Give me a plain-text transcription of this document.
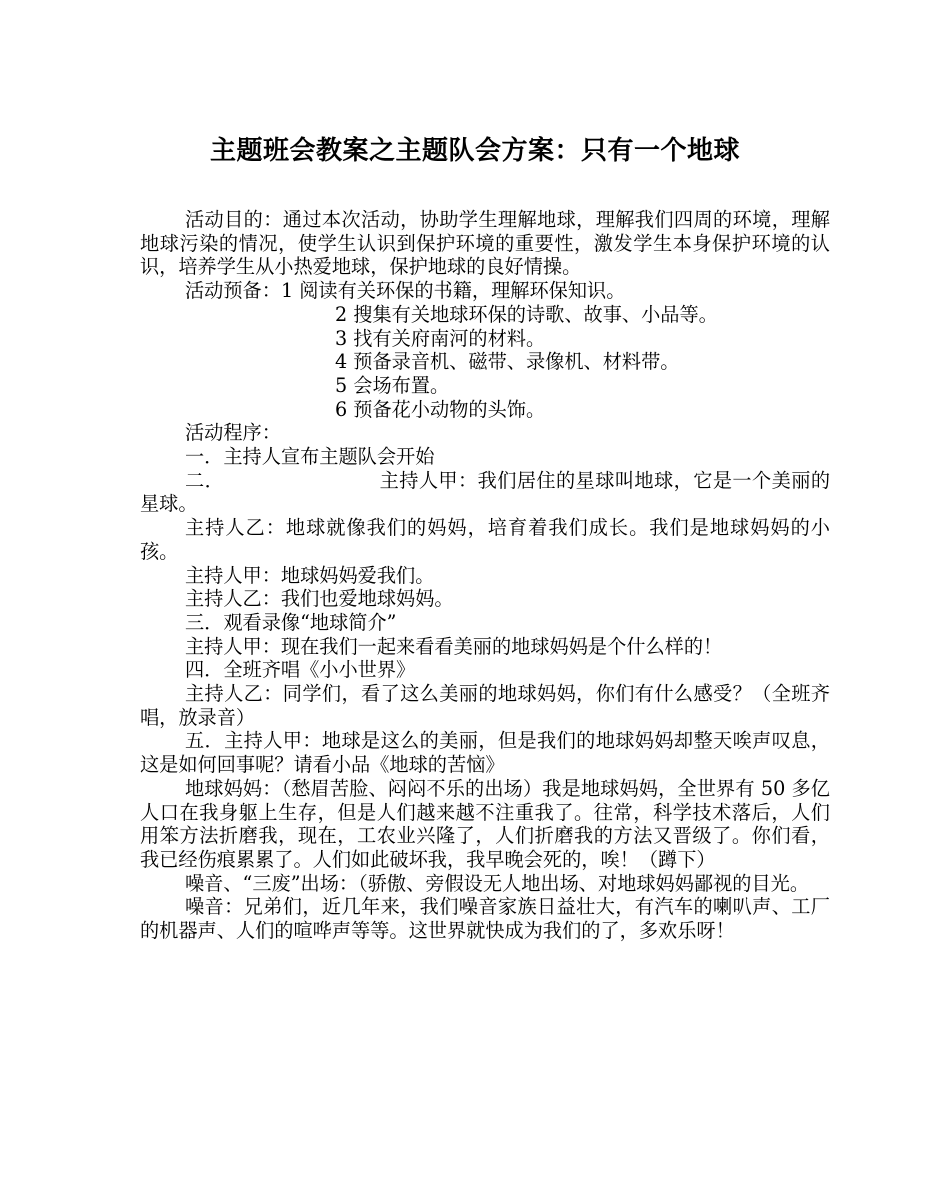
主题班会教案之主题队会方案：只有一个地球

活动目的：通过本次活动，协助学生理解地球，理解我们四周的环境，理解地球污染的情况，使学生认识到保护环境的重要性，激发学生本身保护环境的认识，培养学生从小热爱地球，保护地球的良好情操。

活动预备：1 阅读有关环保的书籍，理解环保知识。

2 搜集有关地球环保的诗歌、故事、小品等。

3 找有关府南河的材料。

4 预备录音机、磁带、录像机、材料带。

5 会场布置。

6 预备花小动物的头饰。

活动程序：

一．主持人宣布主题队会开始

二．	主持人甲：我们居住的星球叫地球，它是一个美丽的星球。

主持人乙：地球就像我们的妈妈，培育着我们成长。我们是地球妈妈的小孩。

主持人甲：地球妈妈爱我们。

主持人乙：我们也爱地球妈妈。

三．观看录像“地球简介”

主持人甲：现在我们一起来看看美丽的地球妈妈是个什么样的！

四．全班齐唱《小小世界》

主持人乙：同学们，看了这么美丽的地球妈妈，你们有什么感受？（全班齐唱，放录音）

五．主持人甲：地球是这么的美丽，但是我们的地球妈妈却整天唉声叹息，这是如何回事呢？请看小品《地球的苦恼》

地球妈妈：（愁眉苦脸、闷闷不乐的出场）我是地球妈妈，全世界有 50 多亿人口在我身躯上生存，但是人们越来越不注重我了。往常，科学技术落后，人们用笨方法折磨我，现在，工农业兴隆了，人们折磨我的方法又晋级了。你们看，我已经伤痕累累了。人们如此破坏我，我早晚会死的，唉！（蹲下）

噪音、“三废”出场：（骄傲、旁假设无人地出场、对地球妈妈鄙视的目光。

噪音：兄弟们，近几年来，我们噪音家族日益壮大，有汽车的喇叭声、工厂的机器声、人们的喧哗声等等。这世界就快成为我们的了，多欢乐呀！
